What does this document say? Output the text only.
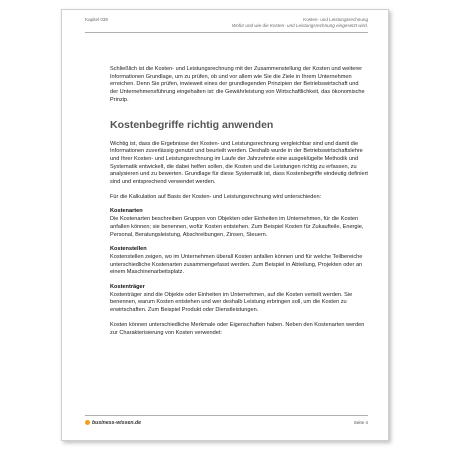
Kapitel 039	Kosten- und Leistungsrechnung
Wofür und wie die Kosten- und Leistungsrechnung eingesetzt wird.

Schließlich ist die Kosten- und Leistungsrechnung mit der Zusammenstellung der Kosten und weiterer Informationen Grundlage, um zu prüfen, ob und vor allem wie Sie die Ziele in Ihrem Unternehmen erreichen. Denn Sie prüfen, inwieweit eines der grundlegenden Prinzipien der Betriebswirtschaft und der Unternehmensführung eingehalten ist: die Gewährleistung von Wirtschaftlichkeit, das ökonomische Prinzip.

Kostenbegriffe richtig anwenden

Wichtig ist, dass die Ergebnisse der Kosten- und Leistungsrechnung vergleichbar sind und damit die Informationen zuverlässig genutzt und beurteilt werden. Deshalb wurde in der Betriebswirtschaftslehre und Ihrer Kosten- und Leistungsrechnung im Laufe der Jahrzehnte eine ausgeklügelte Methodik und Systematik entwickelt, die dabei helfen sollen, die Kosten und die Leistungen richtig zu erfassen, zu analysieren und zu bewerten. Grundlage für diese Systematik ist, dass Kostenbegriffe eindeutig definiert sind und entsprechend verwendet werden.

Für die Kalkulation auf Basis der Kosten- und Leistungsrechnung wird unterschieden:

Kostenarten
Die Kostenarten beschreiben Gruppen von Objekten oder Einheiten im Unternehmen, für die Kosten anfallen können; sie benennen, wofür Kosten entstehen. Zum Beispiel Kosten für Zukaufteile, Energie, Personal, Beratungsleistung, Abschreibungen, Zinsen, Steuern.

Kostenstellen
Kostenstellen zeigen, wo im Unternehmen überall Kosten anfallen können und für welche Teilbereiche unterschiedliche Kostenarten zusammengefasst werden. Zum Beispiel in Abteilung, Projekten oder an einem Maschinenarbeitsplatz.

Kostenträger
Kostenträger sind die Objekte oder Einheiten im Unternehmen, auf die Kosten verteilt werden. Sie benennen, warum Kosten entstehen und wer deshalb Leistung erbringen soll, um die Kosten zu erwirtschaften. Zum Beispiel Produkt oder Dienstleistungen.

Kosten können unterschiedliche Merkmale oder Eigenschaften haben. Neben den Kostenarten werden zur Charakterisierung von Kosten verwendet:

business-wissen.de	Seite 4
